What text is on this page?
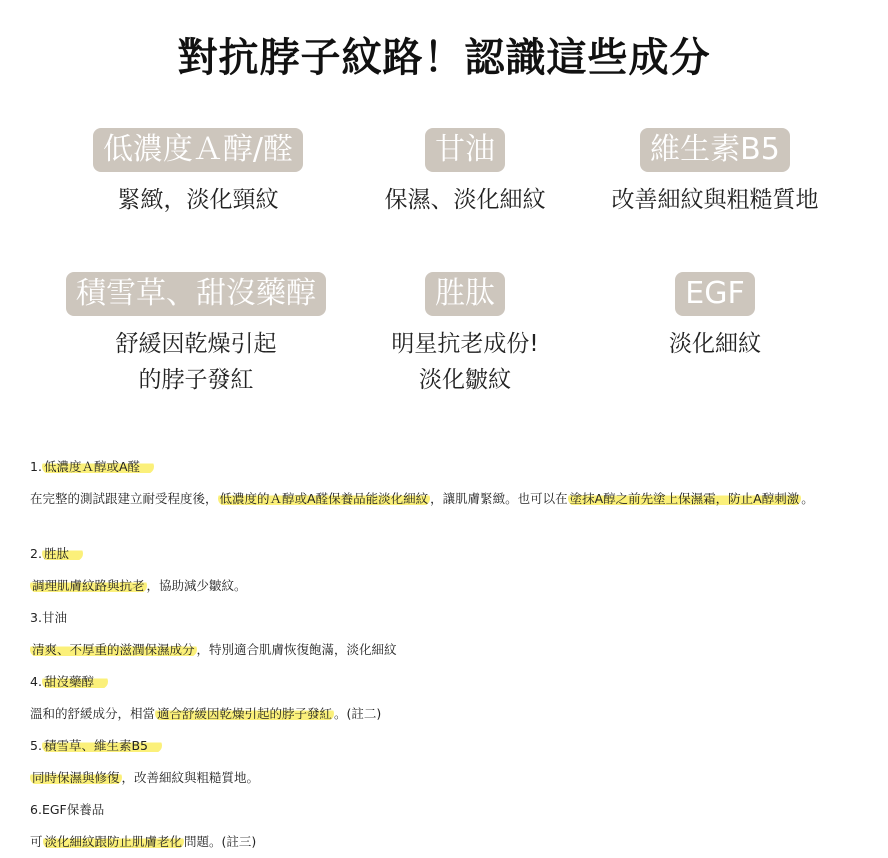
對抗脖子紋路！認識這些成分
低濃度Ａ醇/醛
緊緻，淡化頸紋
甘油
保濕、淡化細紋
維生素B5
改善細紋與粗糙質地
積雪草、甜沒藥醇
舒緩因乾燥引起
的脖子發紅
胜肽
明星抗老成份!
淡化皺紋
EGF
淡化細紋
1. 低濃度Ａ醇或A醛
在完整的測試跟建立耐受程度後， 低濃度的Ａ醇或A醛保養品能淡化細紋 ，讓肌膚緊緻。也可以在 塗抹A醇之前先塗上保濕霜，防止A醇刺激 。
2. 胜肽
調理肌膚紋路與抗老 ，協助減少皺紋。
3.甘油
清爽、不厚重的滋潤保濕成分 ，特別適合肌膚恢復飽滿，淡化細紋
4. 甜沒藥醇
溫和的舒緩成分，相當 適合舒緩因乾燥引起的脖子發紅 。(註二)
5. 積雪草、維生素B5
同時保濕與修復 ，改善細紋與粗糙質地。
6.EGF保養品
可 淡化細紋跟防止肌膚老化 問題。(註三)
